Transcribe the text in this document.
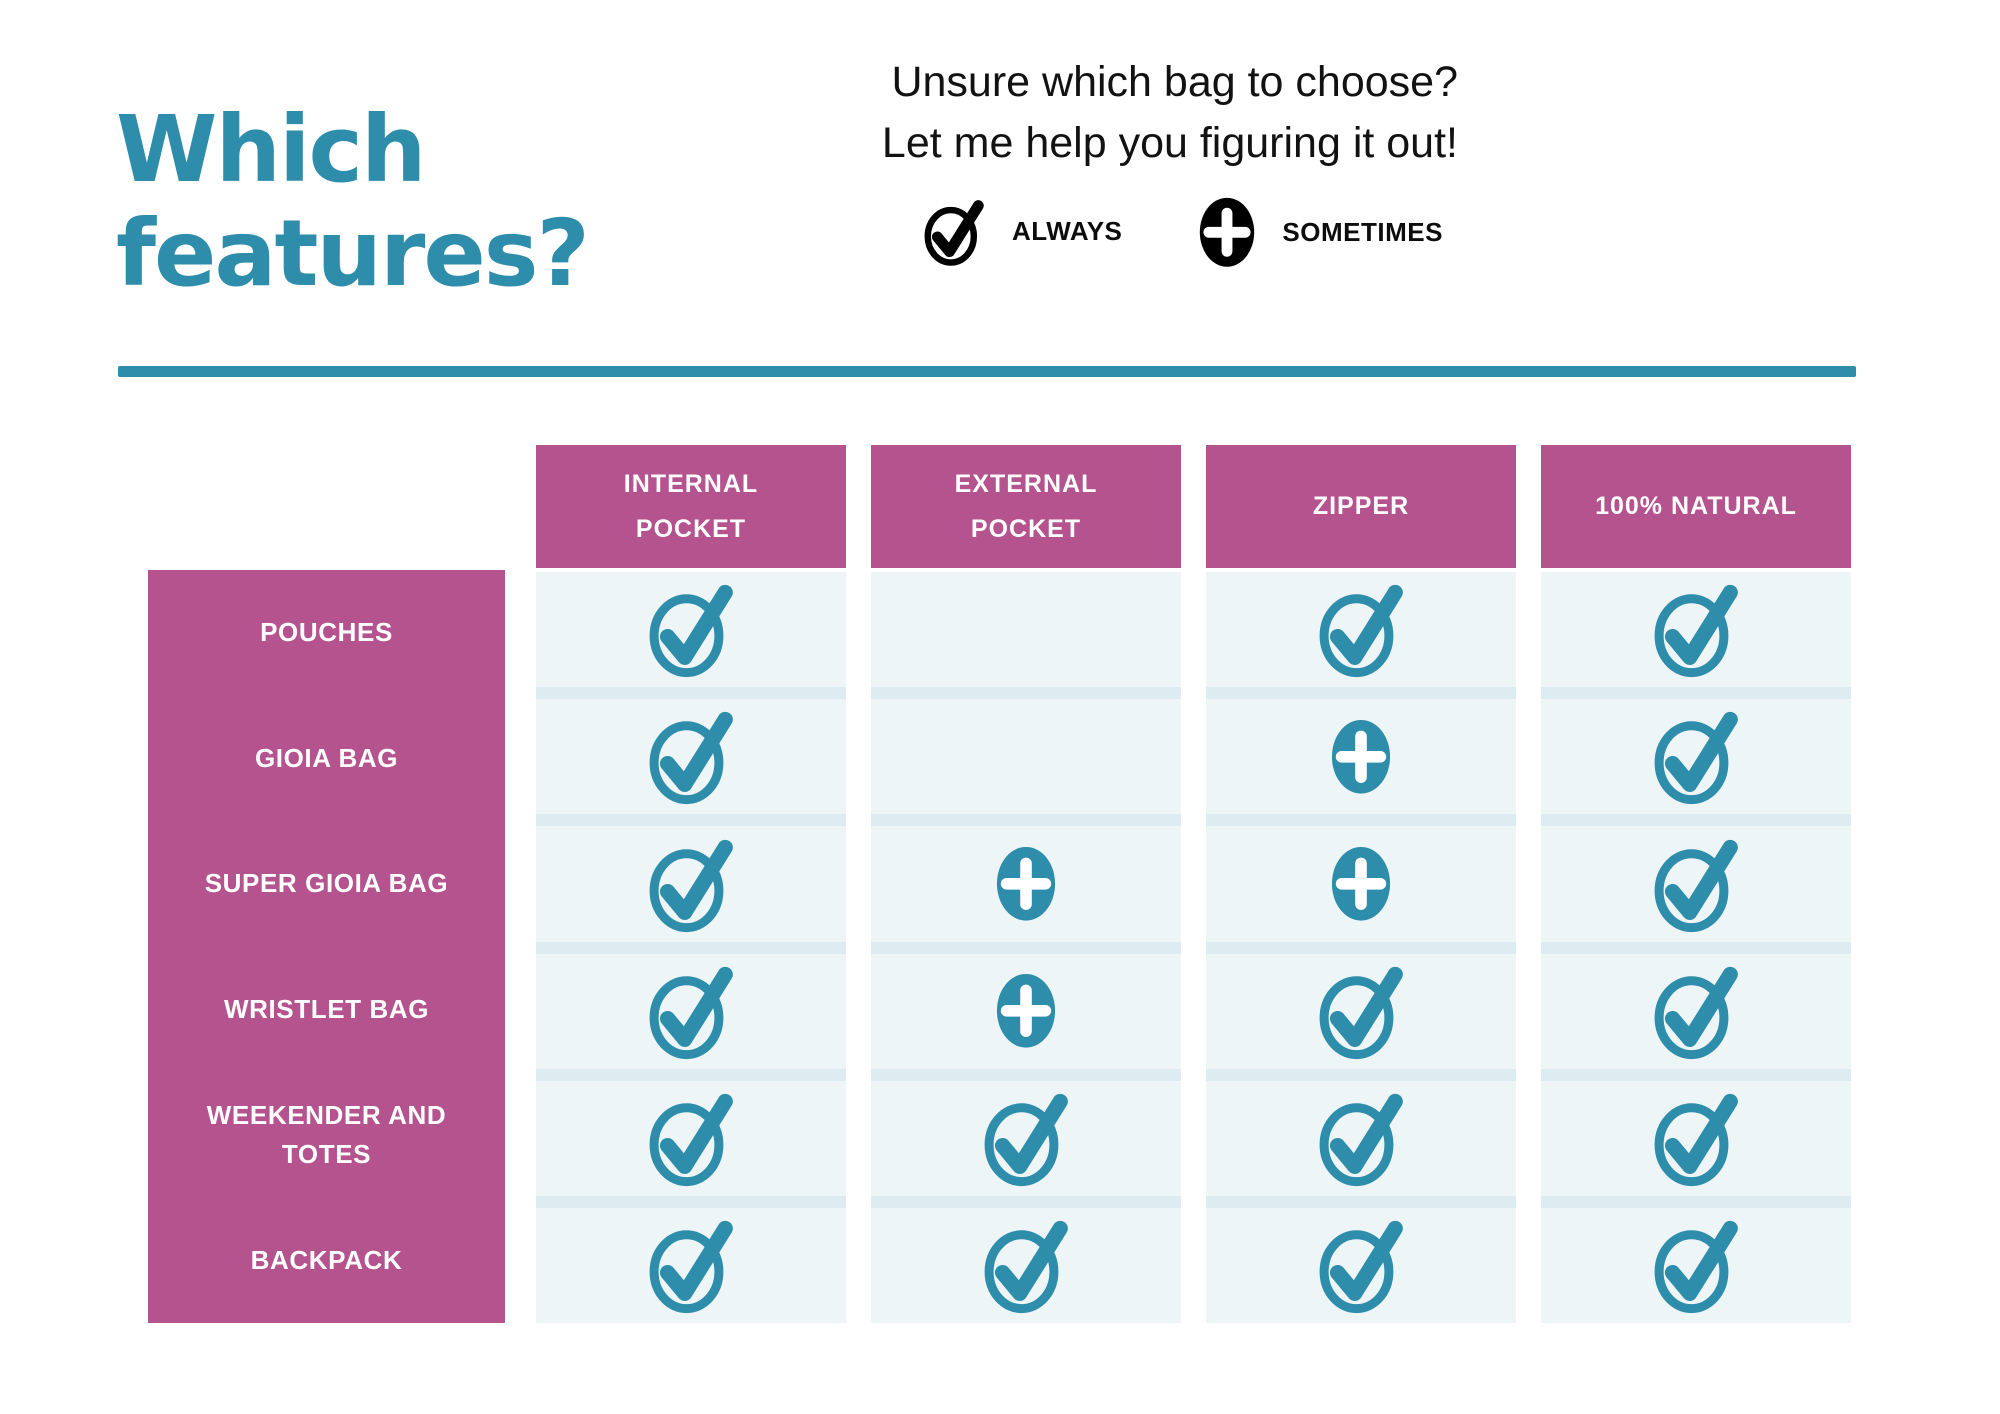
Which features?
Unsure which bag to choose?
Let me help you figuring it out!
ALWAYS	SOMETIMES
POUCHES
GIOIA BAG
SUPER GIOIA BAG
WRISTLET BAG
WEEKENDER AND TOTES
BACKPACK
INTERNAL POCKET
EXTERNAL POCKET
ZIPPER	100% NATURAL
